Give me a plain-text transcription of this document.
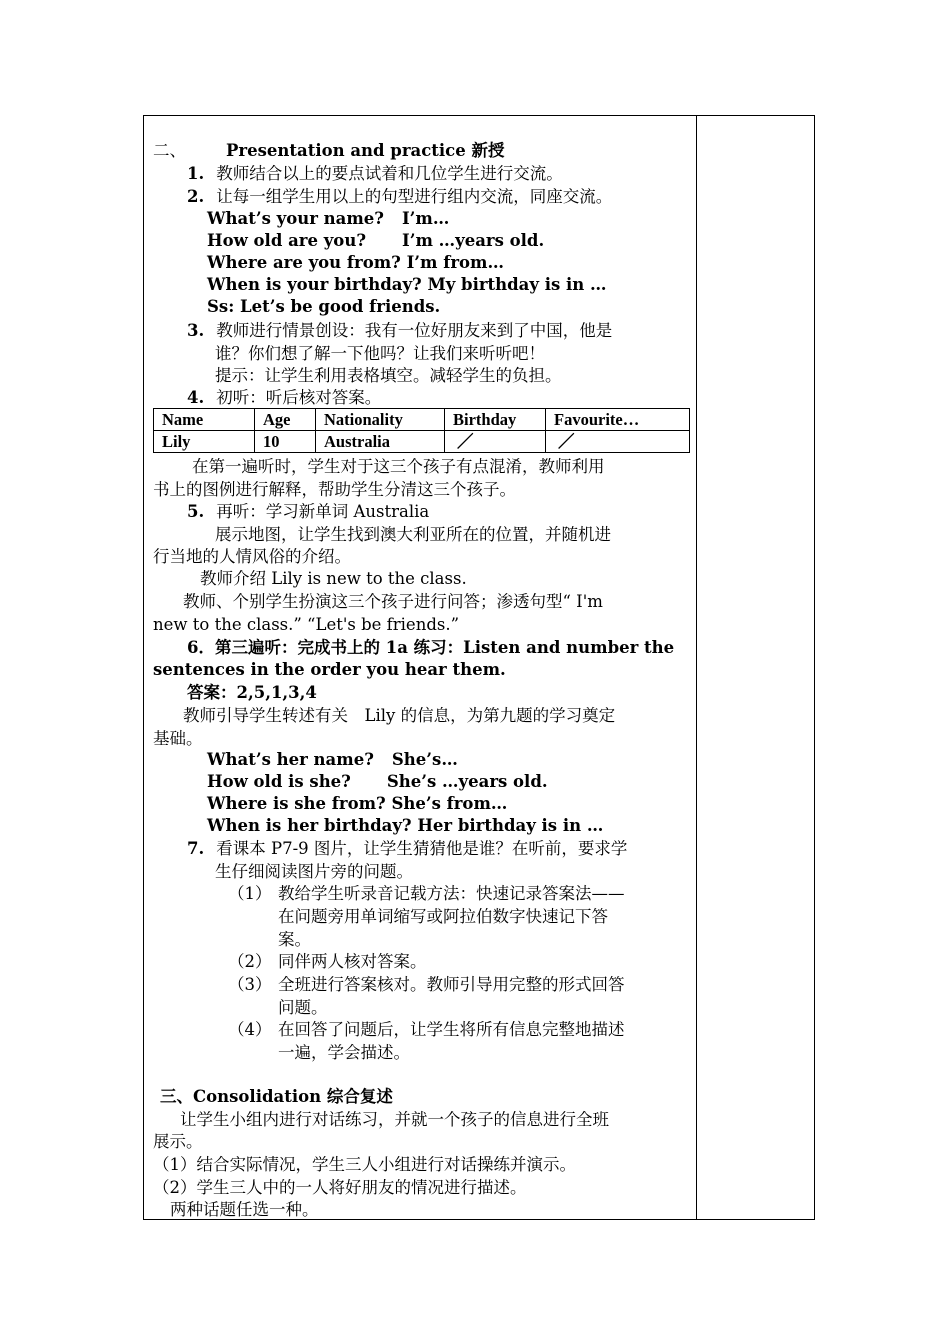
二、 Presentation and practice 新授
1. 教师结合以上的要点试着和几位学生进行交流。
2. 让每一组学生用以上的句型进行组内交流，同座交流。
What’s your name? I’m…
How old are you? I’m …years old.
Where are you from? I’m from…
When is your birthday? My birthday is in …
Ss: Let’s be good friends.
3. 教师进行情景创设：我有一位好朋友来到了中国，他是
谁？你们想了解一下他吗？让我们来听听吧！
提示：让学生利用表格填空。减轻学生的负担。
4. 初听：听后核对答案。
Name	Age	Nationality	Birthday	Favourite…
Lily	10	Australia	／	／
在第一遍听时，学生对于这三个孩子有点混淆，教师利用
书上的图例进行解释，帮助学生分清这三个孩子。
5. 再听：学习新单词 Australia
展示地图，让学生找到澳大利亚所在的位置，并随机进
行当地的人情风俗的介绍。
教师介绍 Lily is new to the class.
教师、个别学生扮演这三个孩子进行问答；渗透句型“ I'm
new to the class.” “Let's be friends.”
6．第三遍听：完成书上的 1a 练习：Listen and number the
sentences in the order you hear them.
答案：2,5,1,3,4
教师引导学生转述有关　Lily 的信息，为第九题的学习奠定
基础。
What’s her name? She’s…
How old is she? She’s …years old.
Where is she from? She’s from…
When is her birthday? Her birthday is in …
7. 看课本 P7-9 图片，让学生猜猜他是谁？在听前，要求学
生仔细阅读图片旁的问题。
（1） 教给学生听录音记载方法：快速记录答案法——
在问题旁用单词缩写或阿拉伯数字快速记下答
案。
（2） 同伴两人核对答案。
（3） 全班进行答案核对。教师引导用完整的形式回答
问题。
（4） 在回答了问题后，让学生将所有信息完整地描述
一遍，学会描述。
三、Consolidation 综合复述
让学生小组内进行对话练习，并就一个孩子的信息进行全班
展示。
（1）结合实际情况，学生三人小组进行对话操练并演示。
（2）学生三人中的一人将好朋友的情况进行描述。
两种话题任选一种。
